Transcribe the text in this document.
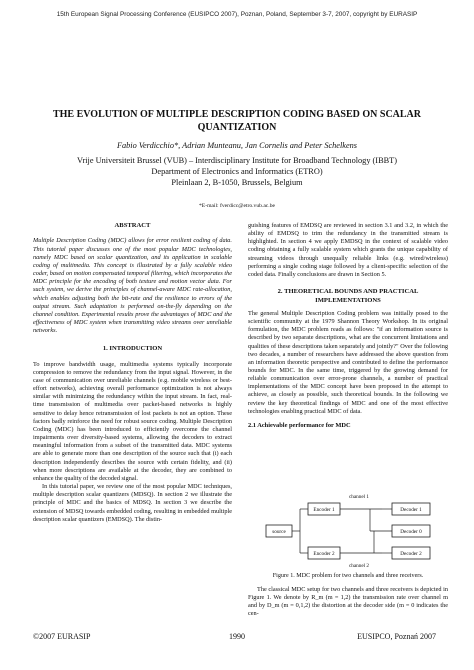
15th European Signal Processing Conference (EUSIPCO 2007), Poznan, Poland, September 3-7, 2007, copyright by EURASIP
THE EVOLUTION OF MULTIPLE DESCRIPTION CODING BASED ON SCALAR
QUANTIZATION
Fabio Verdicchio*, Adrian Munteanu, Jan Cornelis and Peter Schelkens
Vrije Universiteit Brussel (VUB) – Interdisciplinary Institute for Broadband Technology (IBBT)
Department of Electronics and Informatics (ETRO)
Pleinlaan 2, B-1050, Brussels, Belgium
*E-mail: fverdicc@etro.vub.ac.be
ABSTRACT

Multiple Description Coding (MDC) allows for error resilient coding of data. This tutorial paper discusses one of the most popular MDC technologies, namely MDC based on scalar quantization, and its application in scalable coding of multimedia. This concept is illustrated by a fully scalable video coder, based on motion compensated temporal filtering, which incorporates the MDC principle for the encoding of both texture and motion vector data. For such system, we derive the principles of channel-aware MDC rate-allocation, which enables adjusting both the bit-rate and the resilience to errors of the output stream. Such adaptation is performed on-the-fly depending on the channel condition. Experimental results prove the advantages of MDC and the effectiveness of MDC system when transmitting video streams over unreliable networks.

1. INTRODUCTION

To improve bandwidth usage, multimedia systems typically incorporate compression to remove the redundancy from the input signal. However, in the case of communication over unreliable channels (e.g. mobile wireless or best-effort networks), achieving overall performance optimization is not always similar with minimizing the redundancy within the input stream. In fact, real-time transmission of multimedia over packet-based networks is highly sensitive to delay hence retransmission of lost packets is not an option. These factors badly reinforce the need for robust source coding. Multiple Description Coding (MDC) has been introduced to efficiently overcome the channel impairments over diversity-based systems, allowing the decoders to extract meaningful information from a subset of the transmitted data. MDC systems are able to generate more than one description of the source such that (i) each description independently describes the source with certain fidelity, and (ii) when more descriptions are available at the decoder, they are combined to enhance the quality of the decoded signal.

In this tutorial paper, we review one of the most popular MDC techniques, multiple description scalar quantizers (MDSQ). In section 2 we illustrate the principle of MDC and the basics of MDSQ. In section 3 we describe the extension of MDSQ towards embedded coding, resulting in embedded multiple description scalar quantizers (EMDSQ). The distin-

guishing features of EMDSQ are reviewed in section 3.1 and 3.2, in which the ability of EMDSQ to trim the redundancy in the transmitted stream is highlighted. In section 4 we apply EMDSQ in the context of scalable video coding obtaining a fully scalable system which grants the unique capability of streaming videos through unequally reliable links (e.g. wired/wireless) performing a single coding stage followed by a client-specific selection of the coded data. Finally conclusions are drawn in Section 5.

2. THEORETICAL BOUNDS AND PRACTICAL
IMPLEMENTATIONS

The general Multiple Description Coding problem was initially posed to the scientific community at the 1979 Shannon Theory Workshop. In its original formulation, the MDC problem reads as follows: "if an information source is described by two separate descriptions, what are the concurrent limitations and qualities of these descriptions taken separately and jointly?" Over the following two decades, a number of researchers have addressed the above question from an information theoretic perspective and contributed to define the performance bounds for MDC. In the same time, triggered by the growing demand for reliable communication over error-prone channels, a number of practical implementations of the MDC concept have been proposed in the attempt to achieve, as closely as possible, such theoretical bounds. In the following we review the key theoretical findings of MDC and one of the most effective technologies enabling practical MDC of data.

2.1 Achievable performance for MDC
source
Encoder 1
Encoder 2
channel 1
channel 2
Decoder 1
Decoder 0
Decoder 2
Figure 1. MDC problem for two channels and three receivers.

The classical MDC setup for two channels and three receivers is depicted in Figure 1. We denote by R_m (m = 1,2) the transmission rate over channel m and by D_m (m = 0,1,2) the distortion at the decoder side (m = 0 indicates the cen-

©2007 EURASIP	1990	EUSIPCO, Poznań 2007
